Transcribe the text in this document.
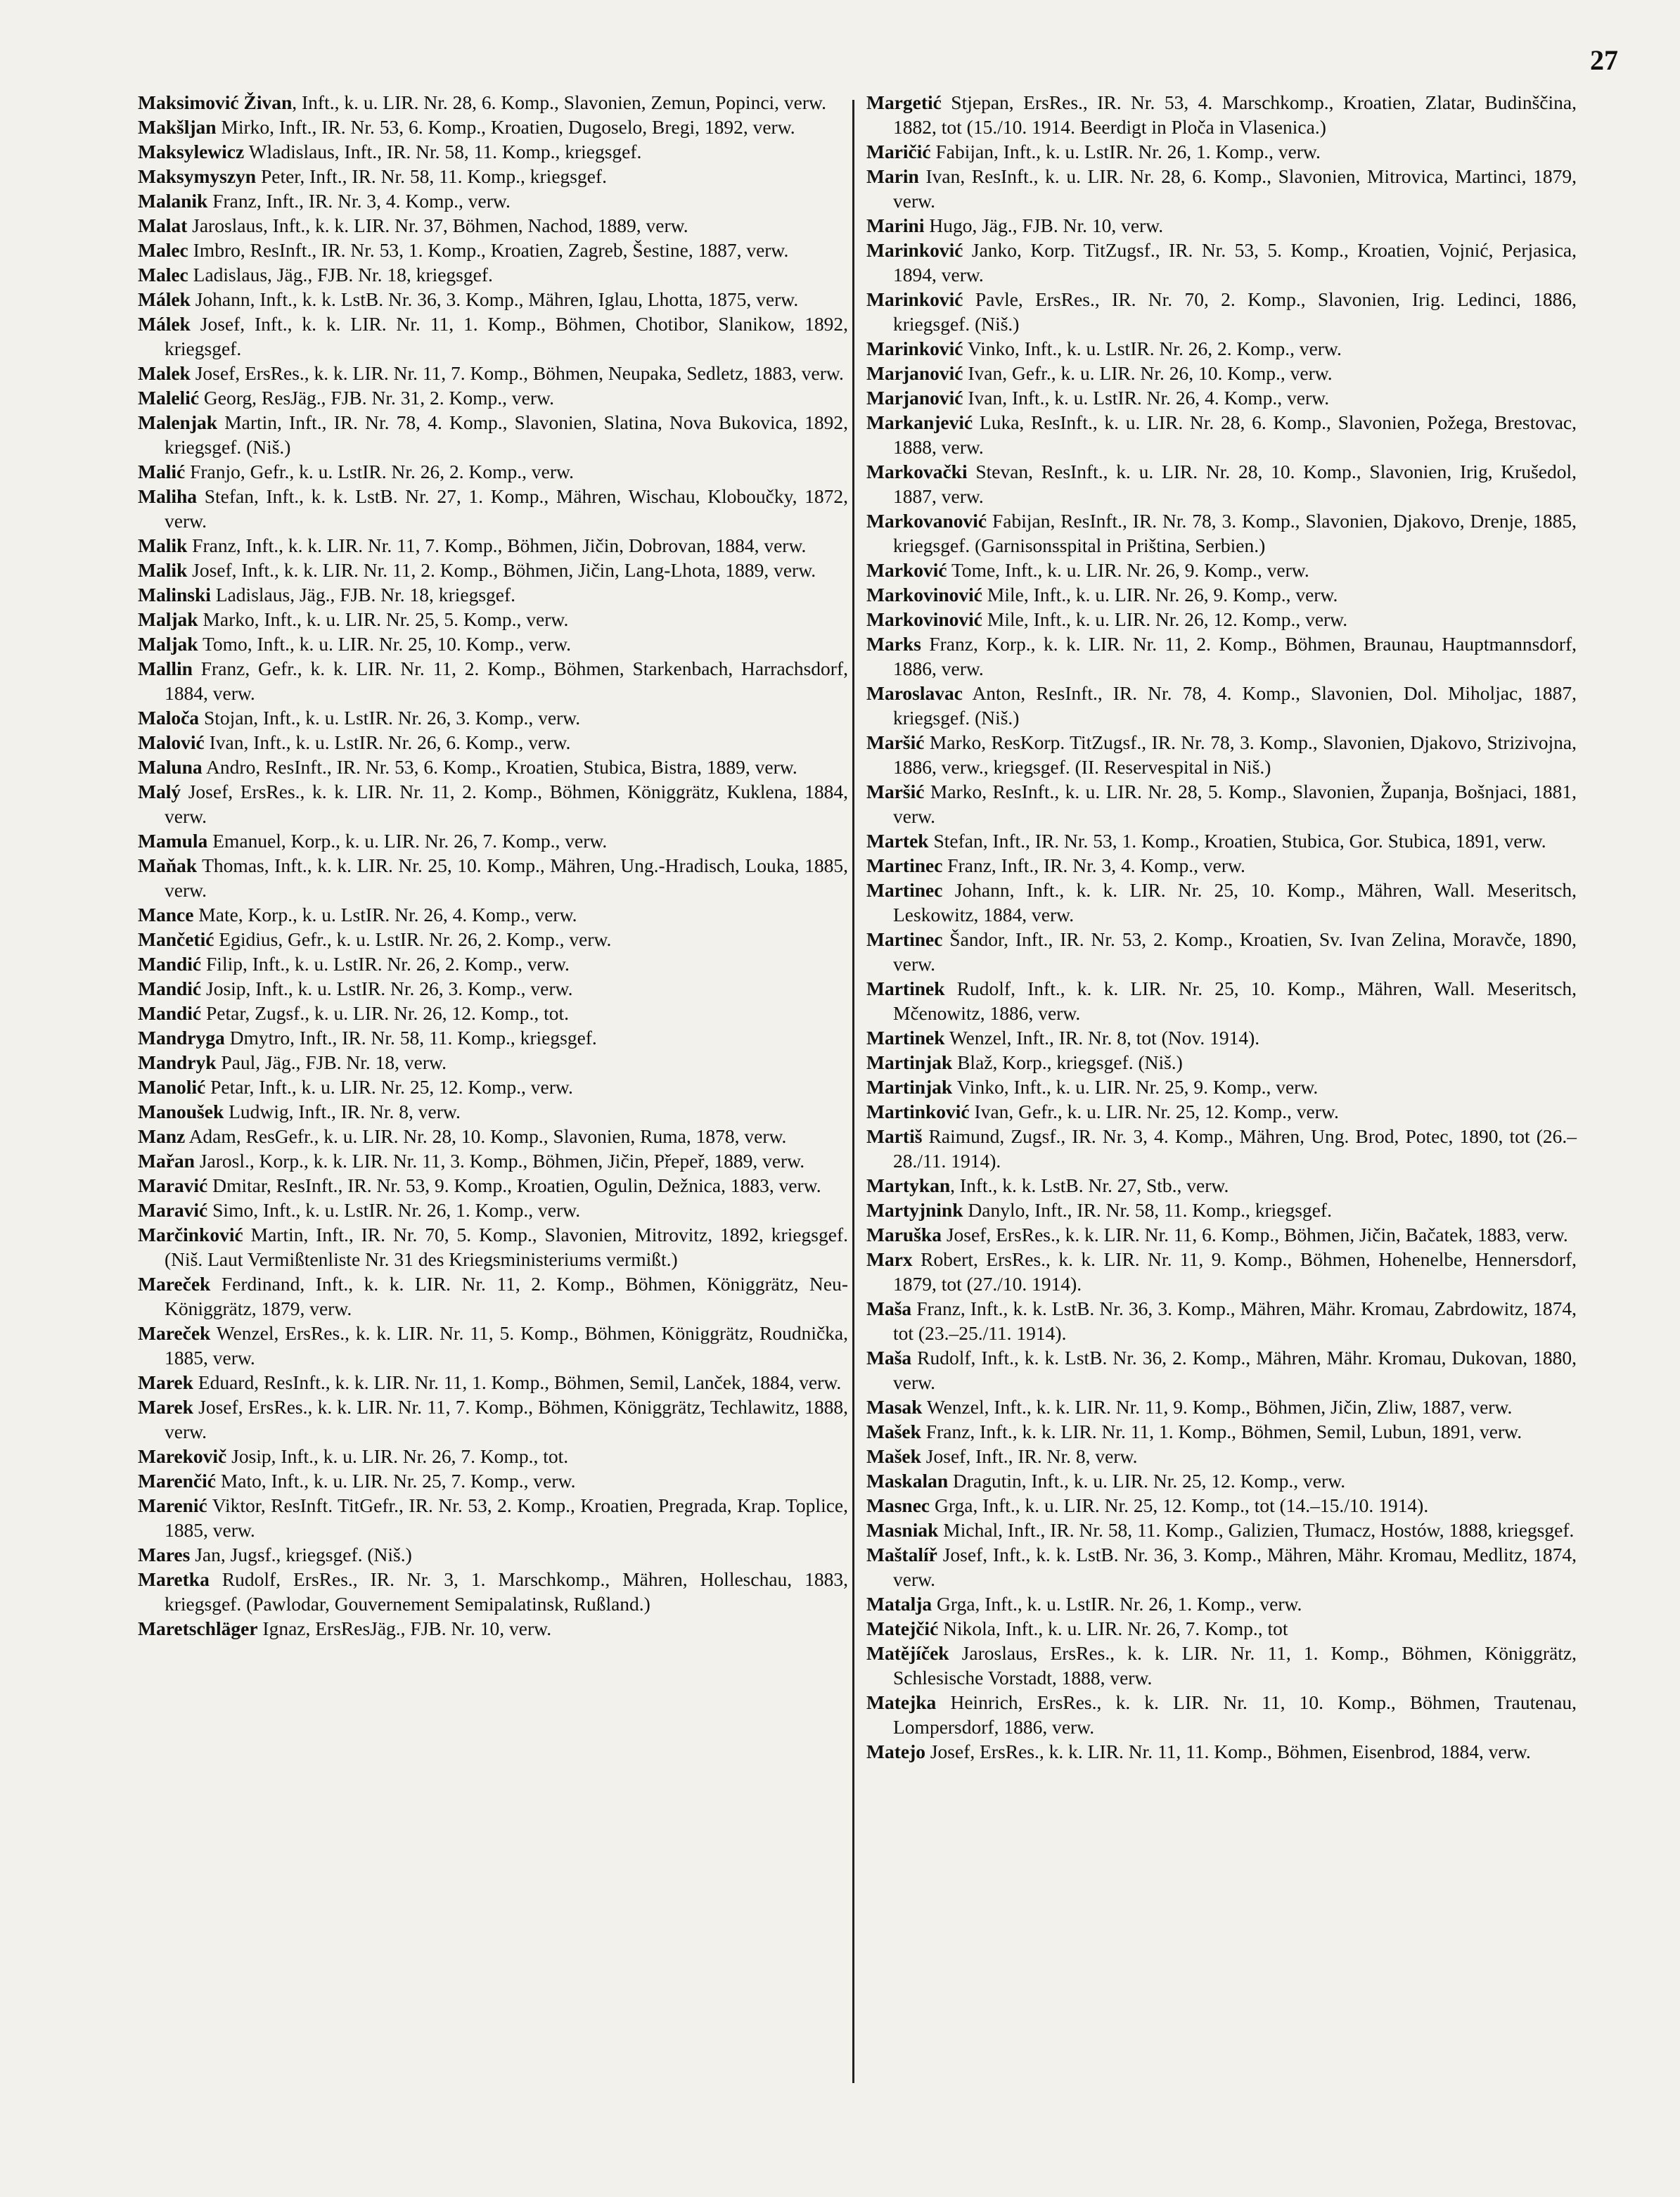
27

Maksimović Živan, Inft., k. u. LIR. Nr. 28, 6. Komp., Slavonien, Zemun, Popinci, verw.

Makšljan Mirko, Inft., IR. Nr. 53, 6. Komp., Kroatien, Dugoselo, Bregi, 1892, verw.

Maksylewicz Wladislaus, Inft., IR. Nr. 58, 11. Komp., kriegsgef.

Maksymyszyn Peter, Inft., IR. Nr. 58, 11. Komp., kriegsgef.

Malanik Franz, Inft., IR. Nr. 3, 4. Komp., verw.

Malat Jaroslaus, Inft., k. k. LIR. Nr. 37, Böhmen, Nachod, 1889, verw.

Malec Imbro, ResInft., IR. Nr. 53, 1. Komp., Kroatien, Zagreb, Šestine, 1887, verw.

Malec Ladislaus, Jäg., FJB. Nr. 18, kriegsgef.

Málek Johann, Inft., k. k. LstB. Nr. 36, 3. Komp., Mähren, Iglau, Lhotta, 1875, verw.

Málek Josef, Inft., k. k. LIR. Nr. 11, 1. Komp., Böhmen, Chotibor, Slanikow, 1892, kriegsgef.

Malek Josef, ErsRes., k. k. LIR. Nr. 11, 7. Komp., Böhmen, Neupaka, Sedletz, 1883, verw.

Malelić Georg, ResJäg., FJB. Nr. 31, 2. Komp., verw.

Malenjak Martin, Inft., IR. Nr. 78, 4. Komp., Slavonien, Slatina, Nova Bukovica, 1892, kriegsgef. (Niš.)

Malić Franjo, Gefr., k. u. LstIR. Nr. 26, 2. Komp., verw.

Maliha Stefan, Inft., k. k. LstB. Nr. 27, 1. Komp., Mähren, Wischau, Kloboučky, 1872, verw.

Malik Franz, Inft., k. k. LIR. Nr. 11, 7. Komp., Böhmen, Jičin, Dobrovan, 1884, verw.

Malik Josef, Inft., k. k. LIR. Nr. 11, 2. Komp., Böhmen, Jičin, Lang-Lhota, 1889, verw.

Malinski Ladislaus, Jäg., FJB. Nr. 18, kriegsgef.

Maljak Marko, Inft., k. u. LIR. Nr. 25, 5. Komp., verw.

Maljak Tomo, Inft., k. u. LIR. Nr. 25, 10. Komp., verw.

Mallin Franz, Gefr., k. k. LIR. Nr. 11, 2. Komp., Böhmen, Starkenbach, Harrachsdorf, 1884, verw.

Maloča Stojan, Inft., k. u. LstIR. Nr. 26, 3. Komp., verw.

Malović Ivan, Inft., k. u. LstIR. Nr. 26, 6. Komp., verw.

Maluna Andro, ResInft., IR. Nr. 53, 6. Komp., Kroatien, Stubica, Bistra, 1889, verw.

Malý Josef, ErsRes., k. k. LIR. Nr. 11, 2. Komp., Böhmen, Königgrätz, Kuklena, 1884, verw.

Mamula Emanuel, Korp., k. u. LIR. Nr. 26, 7. Komp., verw.

Maňak Thomas, Inft., k. k. LIR. Nr. 25, 10. Komp., Mähren, Ung.-Hradisch, Louka, 1885, verw.

Mance Mate, Korp., k. u. LstIR. Nr. 26, 4. Komp., verw.

Mančetić Egidius, Gefr., k. u. LstIR. Nr. 26, 2. Komp., verw.

Mandić Filip, Inft., k. u. LstIR. Nr. 26, 2. Komp., verw.

Mandić Josip, Inft., k. u. LstIR. Nr. 26, 3. Komp., verw.

Mandić Petar, Zugsf., k. u. LIR. Nr. 26, 12. Komp., tot.

Mandryga Dmytro, Inft., IR. Nr. 58, 11. Komp., kriegsgef.

Mandryk Paul, Jäg., FJB. Nr. 18, verw.

Manolić Petar, Inft., k. u. LIR. Nr. 25, 12. Komp., verw.

Manoušek Ludwig, Inft., IR. Nr. 8, verw.

Manz Adam, ResGefr., k. u. LIR. Nr. 28, 10. Komp., Slavonien, Ruma, 1878, verw.

Mařan Jarosl., Korp., k. k. LIR. Nr. 11, 3. Komp., Böhmen, Jičin, Přepeř, 1889, verw.

Maravić Dmitar, ResInft., IR. Nr. 53, 9. Komp., Kroatien, Ogulin, Dežnica, 1883, verw.

Maravić Simo, Inft., k. u. LstIR. Nr. 26, 1. Komp., verw.

Marčinković Martin, Inft., IR. Nr. 70, 5. Komp., Slavonien, Mitrovitz, 1892, kriegsgef. (Niš. Laut Vermißtenliste Nr. 31 des Kriegsministeriums vermißt.)

Mareček Ferdinand, Inft., k. k. LIR. Nr. 11, 2. Komp., Böhmen, Königgrätz, Neu-Königgrätz, 1879, verw.

Mareček Wenzel, ErsRes., k. k. LIR. Nr. 11, 5. Komp., Böhmen, Königgrätz, Roudnička, 1885, verw.

Marek Eduard, ResInft., k. k. LIR. Nr. 11, 1. Komp., Böhmen, Semil, Lanček, 1884, verw.

Marek Josef, ErsRes., k. k. LIR. Nr. 11, 7. Komp., Böhmen, Königgrätz, Techlawitz, 1888, verw.

Marekovič Josip, Inft., k. u. LIR. Nr. 26, 7. Komp., tot.

Marenčić Mato, Inft., k. u. LIR. Nr. 25, 7. Komp., verw.

Marenić Viktor, ResInft. TitGefr., IR. Nr. 53, 2. Komp., Kroatien, Pregrada, Krap. Toplice, 1885, verw.

Mares Jan, Jugsf., kriegsgef. (Niš.)

Maretka Rudolf, ErsRes., IR. Nr. 3, 1. Marschkomp., Mähren, Holleschau, 1883, kriegsgef. (Pawlodar, Gouvernement Semipalatinsk, Rußland.)

Maretschläger Ignaz, ErsResJäg., FJB. Nr. 10, verw.

Margetić Stjepan, ErsRes., IR. Nr. 53, 4. Marschkomp., Kroatien, Zlatar, Budinščina, 1882, tot (15./10. 1914. Beerdigt in Ploča in Vlasenica.)

Maričić Fabijan, Inft., k. u. LstIR. Nr. 26, 1. Komp., verw.

Marin Ivan, ResInft., k. u. LIR. Nr. 28, 6. Komp., Slavonien, Mitrovica, Martinci, 1879, verw.

Marini Hugo, Jäg., FJB. Nr. 10, verw.

Marinković Janko, Korp. TitZugsf., IR. Nr. 53, 5. Komp., Kroatien, Vojnić, Perjasica, 1894, verw.

Marinković Pavle, ErsRes., IR. Nr. 70, 2. Komp., Slavonien, Irig. Ledinci, 1886, kriegsgef. (Niš.)

Marinković Vinko, Inft., k. u. LstIR. Nr. 26, 2. Komp., verw.

Marjanović Ivan, Gefr., k. u. LIR. Nr. 26, 10. Komp., verw.

Marjanović Ivan, Inft., k. u. LstIR. Nr. 26, 4. Komp., verw.

Markanjević Luka, ResInft., k. u. LIR. Nr. 28, 6. Komp., Slavonien, Požega, Brestovac, 1888, verw.

Markovački Stevan, ResInft., k. u. LIR. Nr. 28, 10. Komp., Slavonien, Irig, Krušedol, 1887, verw.

Markovanović Fabijan, ResInft., IR. Nr. 78, 3. Komp., Slavonien, Djakovo, Drenje, 1885, kriegsgef. (Garnisonsspital in Priština, Serbien.)

Marković Tome, Inft., k. u. LIR. Nr. 26, 9. Komp., verw.

Markovinović Mile, Inft., k. u. LIR. Nr. 26, 9. Komp., verw.

Markovinović Mile, Inft., k. u. LIR. Nr. 26, 12. Komp., verw.

Marks Franz, Korp., k. k. LIR. Nr. 11, 2. Komp., Böhmen, Braunau, Hauptmannsdorf, 1886, verw.

Maroslavac Anton, ResInft., IR. Nr. 78, 4. Komp., Slavonien, Dol. Miholjac, 1887, kriegsgef. (Niš.)

Maršić Marko, ResKorp. TitZugsf., IR. Nr. 78, 3. Komp., Slavonien, Djakovo, Strizivojna, 1886, verw., kriegsgef. (II. Reservespital in Niš.)

Maršić Marko, ResInft., k. u. LIR. Nr. 28, 5. Komp., Slavonien, Županja, Bošnjaci, 1881, verw.

Martek Stefan, Inft., IR. Nr. 53, 1. Komp., Kroatien, Stubica, Gor. Stubica, 1891, verw.

Martinec Franz, Inft., IR. Nr. 3, 4. Komp., verw.

Martinec Johann, Inft., k. k. LIR. Nr. 25, 10. Komp., Mähren, Wall. Meseritsch, Leskowitz, 1884, verw.

Martinec Šandor, Inft., IR. Nr. 53, 2. Komp., Kroatien, Sv. Ivan Zelina, Moravče, 1890, verw.

Martinek Rudolf, Inft., k. k. LIR. Nr. 25, 10. Komp., Mähren, Wall. Meseritsch, Mčenowitz, 1886, verw.

Martinek Wenzel, Inft., IR. Nr. 8, tot (Nov. 1914).

Martinjak Blaž, Korp., kriegsgef. (Niš.)

Martinjak Vinko, Inft., k. u. LIR. Nr. 25, 9. Komp., verw.

Martinković Ivan, Gefr., k. u. LIR. Nr. 25, 12. Komp., verw.

Martiš Raimund, Zugsf., IR. Nr. 3, 4. Komp., Mähren, Ung. Brod, Potec, 1890, tot (26.–28./11. 1914).

Martykan, Inft., k. k. LstB. Nr. 27, Stb., verw.

Martyjnink Danylo, Inft., IR. Nr. 58, 11. Komp., kriegsgef.

Maruška Josef, ErsRes., k. k. LIR. Nr. 11, 6. Komp., Böhmen, Jičin, Bačatek, 1883, verw.

Marx Robert, ErsRes., k. k. LIR. Nr. 11, 9. Komp., Böhmen, Hohenelbe, Hennersdorf, 1879, tot (27./10. 1914).

Maša Franz, Inft., k. k. LstB. Nr. 36, 3. Komp., Mähren, Mähr. Kromau, Zabrdowitz, 1874, tot (23.–25./11. 1914).

Maša Rudolf, Inft., k. k. LstB. Nr. 36, 2. Komp., Mähren, Mähr. Kromau, Dukovan, 1880, verw.

Masak Wenzel, Inft., k. k. LIR. Nr. 11, 9. Komp., Böhmen, Jičin, Zliw, 1887, verw.

Mašek Franz, Inft., k. k. LIR. Nr. 11, 1. Komp., Böhmen, Semil, Lubun, 1891, verw.

Mašek Josef, Inft., IR. Nr. 8, verw.

Maskalan Dragutin, Inft., k. u. LIR. Nr. 25, 12. Komp., verw.

Masnec Grga, Inft., k. u. LIR. Nr. 25, 12. Komp., tot (14.–15./10. 1914).

Masniak Michal, Inft., IR. Nr. 58, 11. Komp., Galizien, Tłumacz, Hostów, 1888, kriegsgef.

Maštalíř Josef, Inft., k. k. LstB. Nr. 36, 3. Komp., Mähren, Mähr. Kromau, Medlitz, 1874, verw.

Matalja Grga, Inft., k. u. LstIR. Nr. 26, 1. Komp., verw.

Matejčić Nikola, Inft., k. u. LIR. Nr. 26, 7. Komp., tot

Matějíček Jaroslaus, ErsRes., k. k. LIR. Nr. 11, 1. Komp., Böhmen, Königgrätz, Schlesische Vorstadt, 1888, verw.

Matejka Heinrich, ErsRes., k. k. LIR. Nr. 11, 10. Komp., Böhmen, Trautenau, Lompersdorf, 1886, verw.

Matejo Josef, ErsRes., k. k. LIR. Nr. 11, 11. Komp., Böhmen, Eisenbrod, 1884, verw.
